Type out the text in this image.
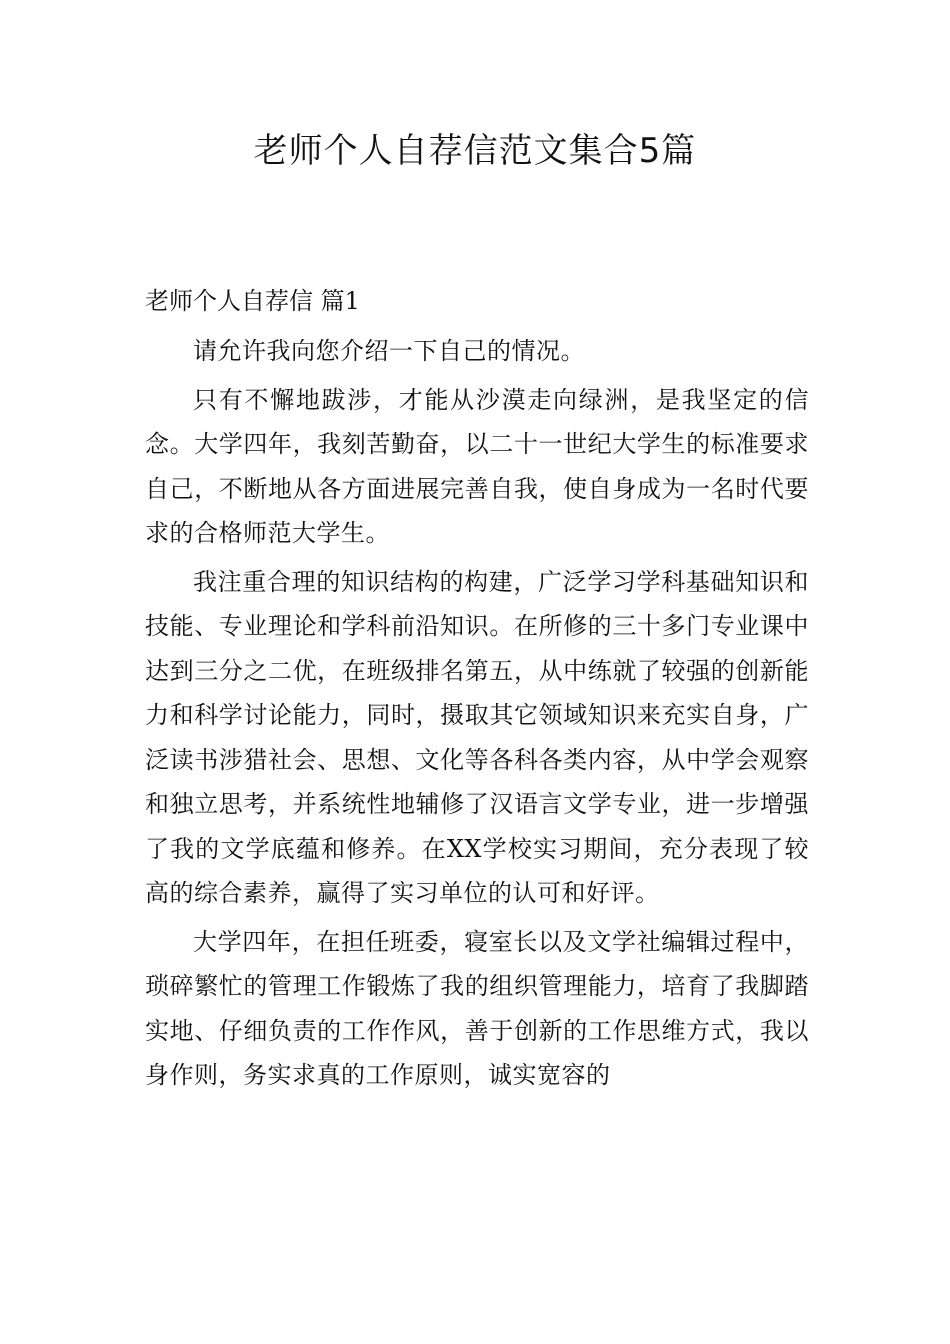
老师个人自荐信范文集合5篇
老师个人自荐信 篇1

请允许我向您介绍一下自己的情况。

只有不懈地跋涉，才能从沙漠走向绿洲，是我坚定的信念。大学四年，我刻苦勤奋，以二十一世纪大学生的标准要求自己，不断地从各方面进展完善自我，使自身成为一名时代要求的合格师范大学生。

我注重合理的知识结构的构建，广泛学习学科基础知识和技能、专业理论和学科前沿知识。在所修的三十多门专业课中达到三分之二优，在班级排名第五，从中练就了较强的创新能力和科学讨论能力，同时，摄取其它领域知识来充实自身，广泛读书涉猎社会、思想、文化等各科各类内容，从中学会观察和独立思考，并系统性地辅修了汉语言文学专业，进一步增强了我的文学底蕴和修养。在XX学校实习期间，充分表现了较高的综合素养，赢得了实习单位的认可和好评。

大学四年，在担任班委，寝室长以及文学社编辑过程中，琐碎繁忙的管理工作锻炼了我的组织管理能力，培育了我脚踏实地、仔细负责的工作作风，善于创新的工作思维方式，我以身作则，务实求真的工作原则，诚实宽容的
